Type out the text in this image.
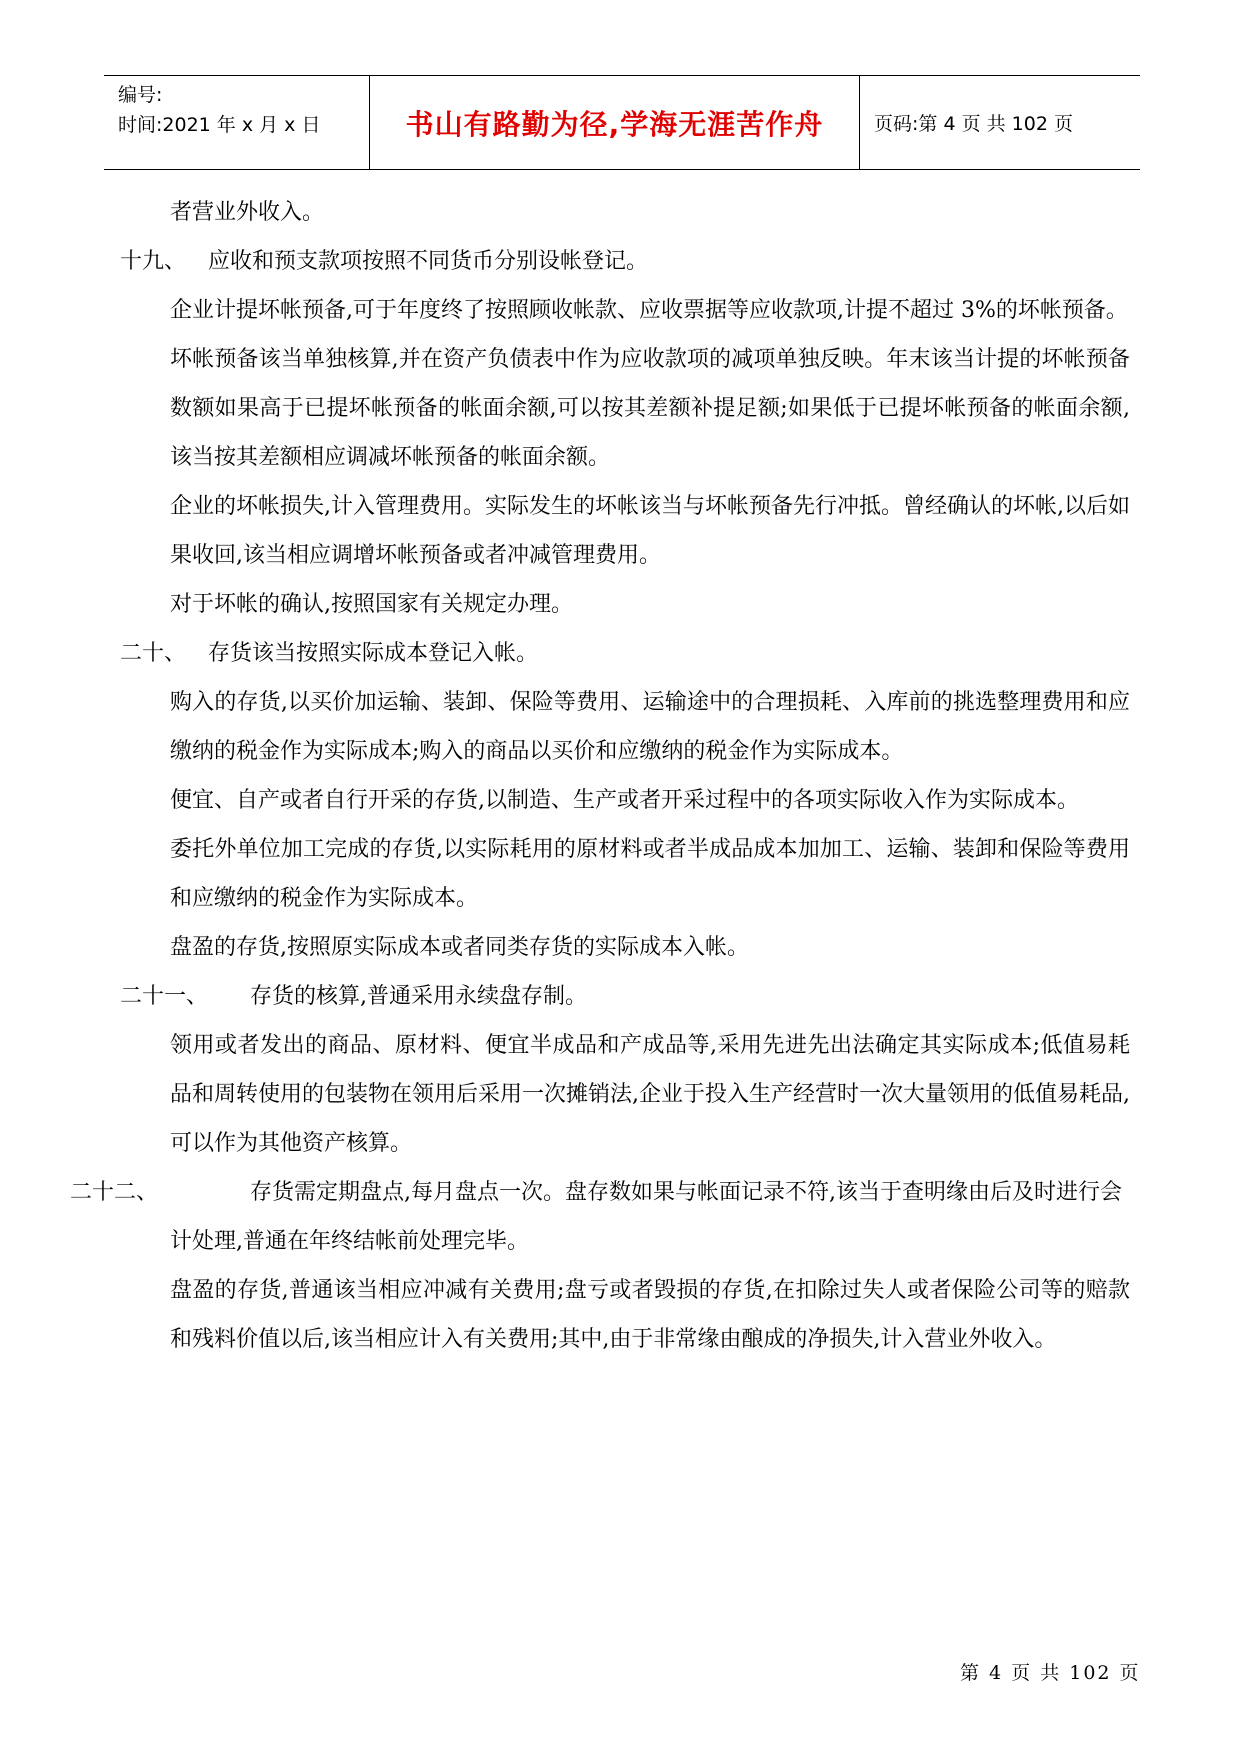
编号:
时间:2021 年 x 月 x 日	书山有路勤为径,学海无涯苦作舟	页码:第 4 页 共 102 页

者营业外收入。

十九、 应收和预支款项按照不同货币分别设帐登记。

企业计提坏帐预备,可于年度终了按照顾收帐款、应收票据等应收款项,计提不超过 3%的坏帐预备。

坏帐预备该当单独核算,并在资产负债表中作为应收款项的减项单独反映。年末该当计提的坏帐预备数额如果高于已提坏帐预备的帐面余额,可以按其差额补提足额;如果低于已提坏帐预备的帐面余额,该当按其差额相应调减坏帐预备的帐面余额。

企业的坏帐损失,计入管理费用。实际发生的坏帐该当与坏帐预备先行冲抵。曾经确认的坏帐,以后如果收回,该当相应调增坏帐预备或者冲减管理费用。

对于坏帐的确认,按照国家有关规定办理。

二十、 存货该当按照实际成本登记入帐。

购入的存货,以买价加运输、装卸、保险等费用、运输途中的合理损耗、入库前的挑选整理费用和应缴纳的税金作为实际成本;购入的商品以买价和应缴纳的税金作为实际成本。

便宜、自产或者自行开采的存货,以制造、生产或者开采过程中的各项实际收入作为实际成本。

委托外单位加工完成的存货,以实际耗用的原材料或者半成品成本加加工、运输、装卸和保险等费用和应缴纳的税金作为实际成本。

盘盈的存货,按照原实际成本或者同类存货的实际成本入帐。

二十一、 存货的核算,普通采用永续盘存制。

领用或者发出的商品、原材料、便宜半成品和产成品等,采用先进先出法确定其实际成本;低值易耗品和周转使用的包装物在领用后采用一次摊销法,企业于投入生产经营时一次大量领用的低值易耗品,可以作为其他资产核算。

二十二、	存货需定期盘点,每月盘点一次。盘存数如果与帐面记录不符,该当于查明缘由后及时进行会计处理,普通在年终结帐前处理完毕。

盘盈的存货,普通该当相应冲减有关费用;盘亏或者毁损的存货,在扣除过失人或者保险公司等的赔款和残料价值以后,该当相应计入有关费用;其中,由于非常缘由酿成的净损失,计入营业外收入。

第 4 页 共 102 页
